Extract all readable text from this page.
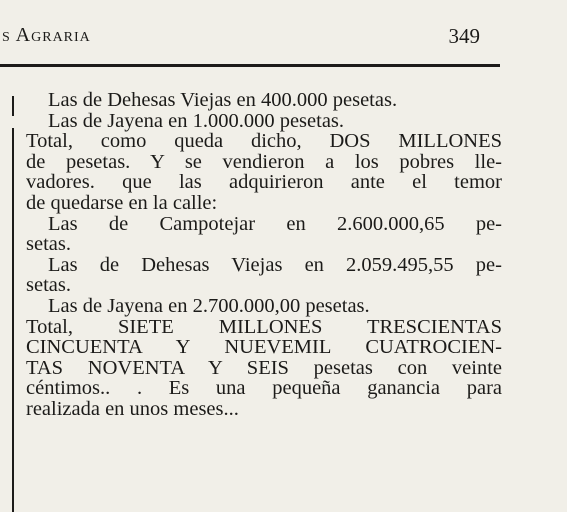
s Agraria	349
Las de Dehesas Viejas en 400.000 pesetas.
Las de Jayena en 1.000.000 pesetas.
Total, como queda dicho, DOS MILLONES
de pesetas. Y se vendieron a los pobres lle-
vadores. que las adquirieron ante el temor
de quedarse en la calle:
Las de Campotejar en 2.600.000,65 pe-
setas.
Las de Dehesas Viejas en 2.059.495,55 pe-
setas.
Las de Jayena en 2.700.000,00 pesetas.
Total, SIETE MILLONES TRESCIENTAS
CINCUENTA Y NUEVEMIL CUATROCIEN-
TAS NOVENTA Y SEIS pesetas con veinte
céntimos.. . Es una pequeña ganancia para
realizada en unos meses...
